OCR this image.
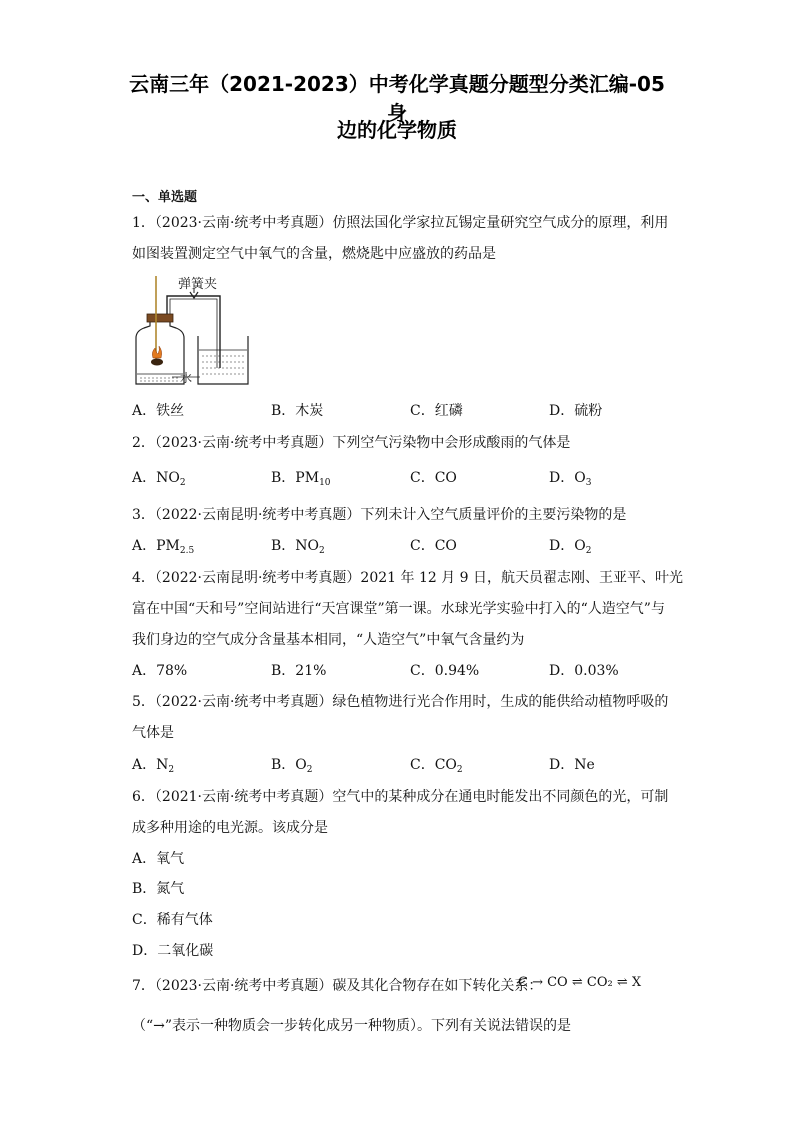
云南三年（2021-2023）中考化学真题分题型分类汇编-05 身
边的化学物质
一、单选题
1．（2023·云南·统考中考真题）仿照法国化学家拉瓦锡定量研究空气成分的原理，利用
如图装置测定空气中氧气的含量，燃烧匙中应盛放的药品是
弹簧夹
水
A．铁丝	B．木炭	C．红磷	D．硫粉
2．（2023·云南·统考中考真题）下列空气污染物中会形成酸雨的气体是
A．$NO_2$	B．$PM_{10}$	C．CO	D．$O_3$
3．（2022·云南昆明·统考中考真题）下列未计入空气质量评价的主要污染物的是
A．$PM_{2.5}$	B．$NO_2$	C．CO	D．$O_2$
4．（2022·云南昆明·统考中考真题）2021 年 12 月 9 日，航天员翟志刚、王亚平、叶光
富在中国“天和号”空间站进行“天宫课堂”第一课。水球光学实验中打入的“人造空气”与
我们身边的空气成分含量基本相同，“人造空气”中氧气含量约为
A．78%	B．21%	C．0.94%	D．0.03%
5．（2022·云南·统考中考真题）绿色植物进行光合作用时，生成的能供给动植物呼吸的
气体是
A．$N_2$	B．$O_2$	C．$CO_2$	D．Ne
6．（2021·云南·统考中考真题）空气中的某种成分在通电时能发出不同颜色的光，可制
成多种用途的电光源。该成分是
A．氧气
B．氮气
C．稀有气体
D．二氧化碳
7．（2023·云南·统考中考真题）碳及其化合物存在如下转化关系：
C → CO ⇌ CO₂ ⇌ X
（“→”表示一种物质会一步转化成另一种物质）。下列有关说法错误的是
